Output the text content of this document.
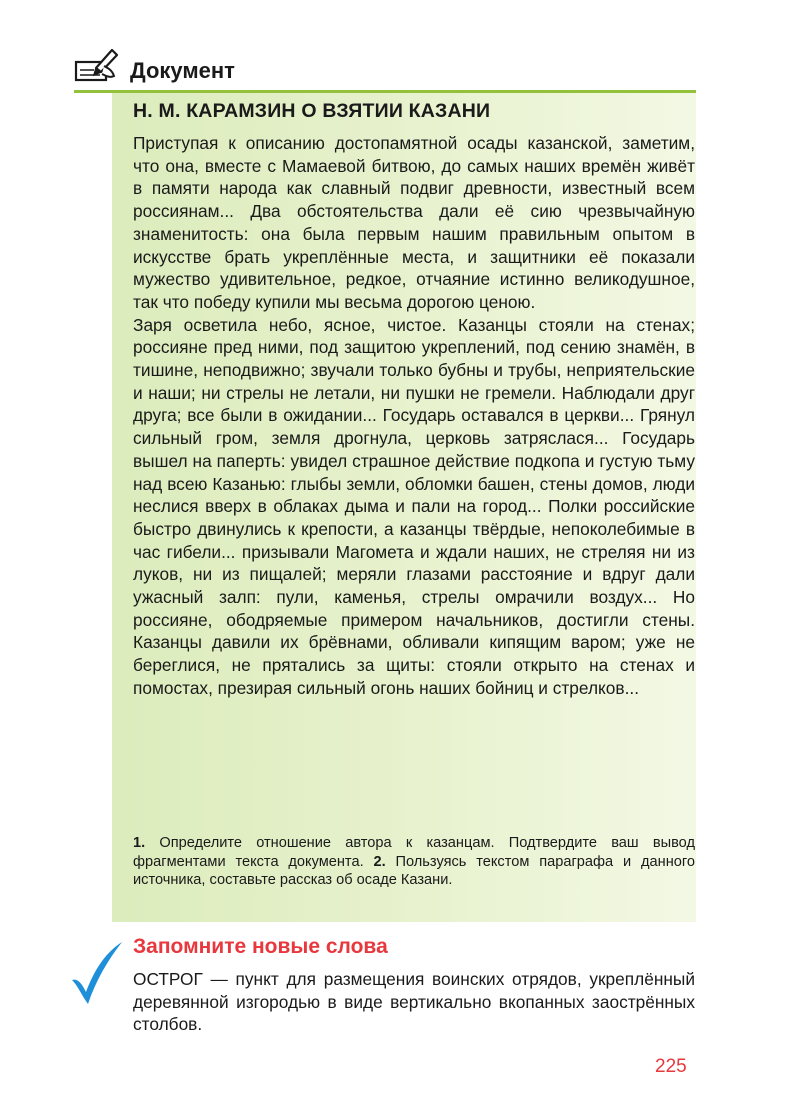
Документ
Н. М. КАРАМЗИН О ВЗЯТИИ КАЗАНИ

Приступая к описанию достопамятной осады казанской, заметим, что она, вместе с Мамаевой битвою, до самых наших времён живёт в памяти народа как славный подвиг древности, известный всем россиянам... Два обстоятельства дали её сию чрезвычайную знаменитость: она была первым нашим правильным опытом в искусстве брать укреплённые места, и защитники её показали мужество удивительное, редкое, отчаяние истинно великодушное, так что победу купили мы весьма дорогою ценою.

Заря осветила небо, ясное, чистое. Казанцы стояли на стенах; россияне пред ними, под защитою укреплений, под сению знамён, в тишине, неподвижно; звучали только бубны и трубы, неприятельские и наши; ни стрелы не летали, ни пушки не гремели. Наблюдали друг друга; все были в ожидании... Государь оставался в церкви... Грянул сильный гром, земля дрогнула, церковь затряслася... Государь вышел на паперть: увидел страшное действие подкопа и густую тьму над всею Казанью: глыбы земли, обломки башен, стены домов, люди неслися вверх в облаках дыма и пали на город... Полки российские быстро двинулись к крепости, а казанцы твёрдые, непоколебимые в час гибели... призывали Магомета и ждали наших, не стреляя ни из луков, ни из пищалей; меряли глазами расстояние и вдруг дали ужасный залп: пули, каменья, стрелы омрачили воздух... Но россияне, ободряемые примером начальников, достигли стены. Казанцы давили их брёвнами, обливали кипящим варом; уже не береглися, не прятались за щиты: стояли открыто на стенах и помостах, презирая сильный огонь наших бойниц и стрелков...

1. Определите отношение автора к казанцам. Подтвердите ваш вывод фрагментами текста документа. 2. Пользуясь текстом параграфа и данного источника, составьте рассказ об осаде Казани.
Запомните новые слова

ОСТРОГ — пункт для размещения воинских отрядов, укреплённый деревянной изгородью в виде вертикально вкопанных заострённых столбов.

225
